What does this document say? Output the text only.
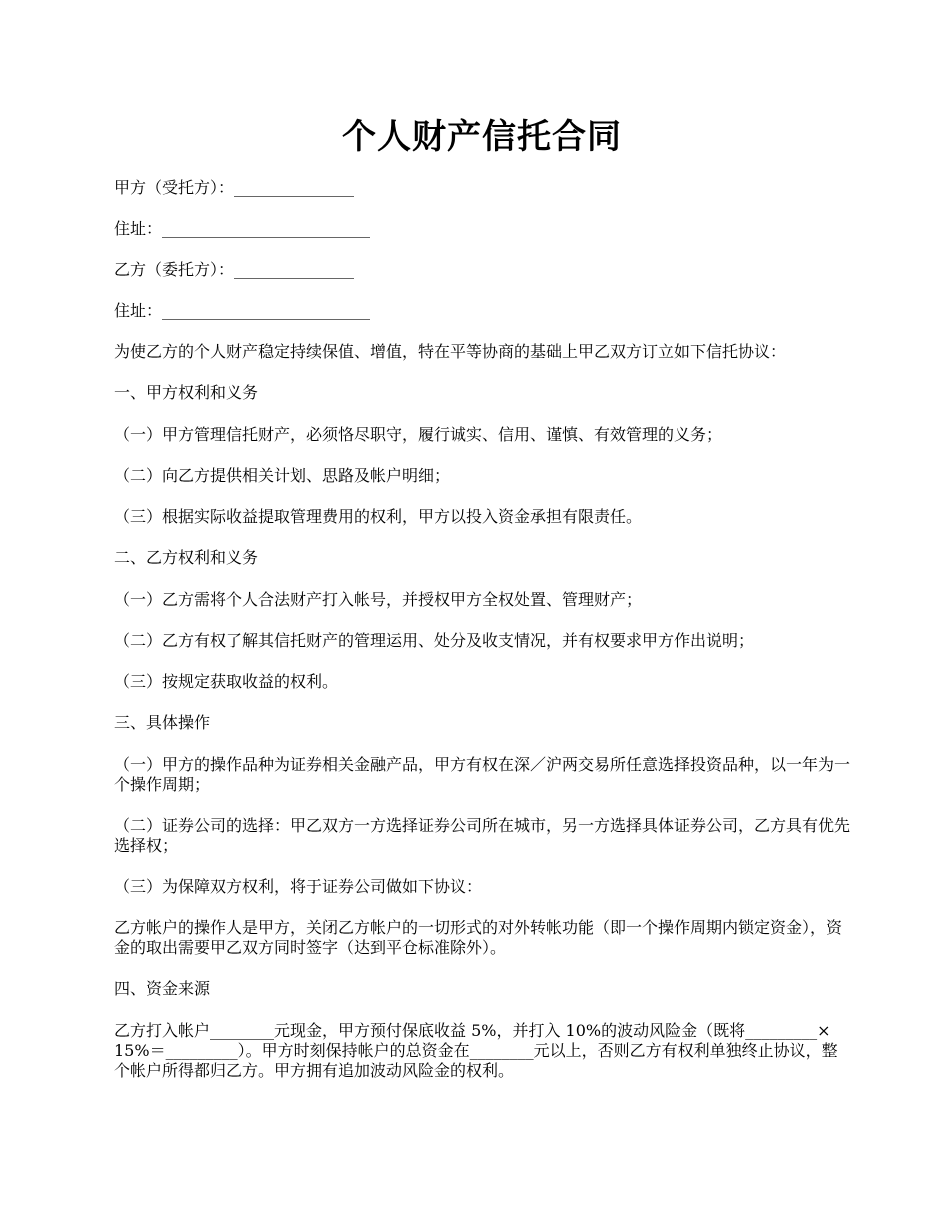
个人财产信托合同

甲方（受托方）：_______________

住址：__________________________

乙方（委托方）：_______________

住址：__________________________

为使乙方的个人财产稳定持续保值、增值，特在平等协商的基础上甲乙双方订立如下信托协议：

一、甲方权利和义务

（一）甲方管理信托财产，必须恪尽职守，履行诚实、信用、谨慎、有效管理的义务；

（二）向乙方提供相关计划、思路及帐户明细；

（三）根据实际收益提取管理费用的权利，甲方以投入资金承担有限责任。

二、乙方权利和义务

（一）乙方需将个人合法财产打入帐号，并授权甲方全权处置、管理财产；

（二）乙方有权了解其信托财产的管理运用、处分及收支情况，并有权要求甲方作出说明；

（三）按规定获取收益的权利。

三、具体操作

（一）甲方的操作品种为证券相关金融产品，甲方有权在深／沪两交易所任意选择投资品种，以一年为一个操作周期；

（二）证券公司的选择：甲乙双方一方选择证券公司所在城市，另一方选择具体证券公司，乙方具有优先选择权；

（三）为保障双方权利，将于证券公司做如下协议：

乙方帐户的操作人是甲方，关闭乙方帐户的一切形式的对外转帐功能（即一个操作周期内锁定资金），资金的取出需要甲乙双方同时签字（达到平仓标准除外）。

四、资金来源

乙方打入帐户________元现金，甲方预付保底收益 5%，并打入 10%的波动风险金（既将_________× 15%＝_________）。甲方时刻保持帐户的总资金在________元以上，否则乙方有权利单独终止协议，整个帐户所得都归乙方。甲方拥有追加波动风险金的权利。
